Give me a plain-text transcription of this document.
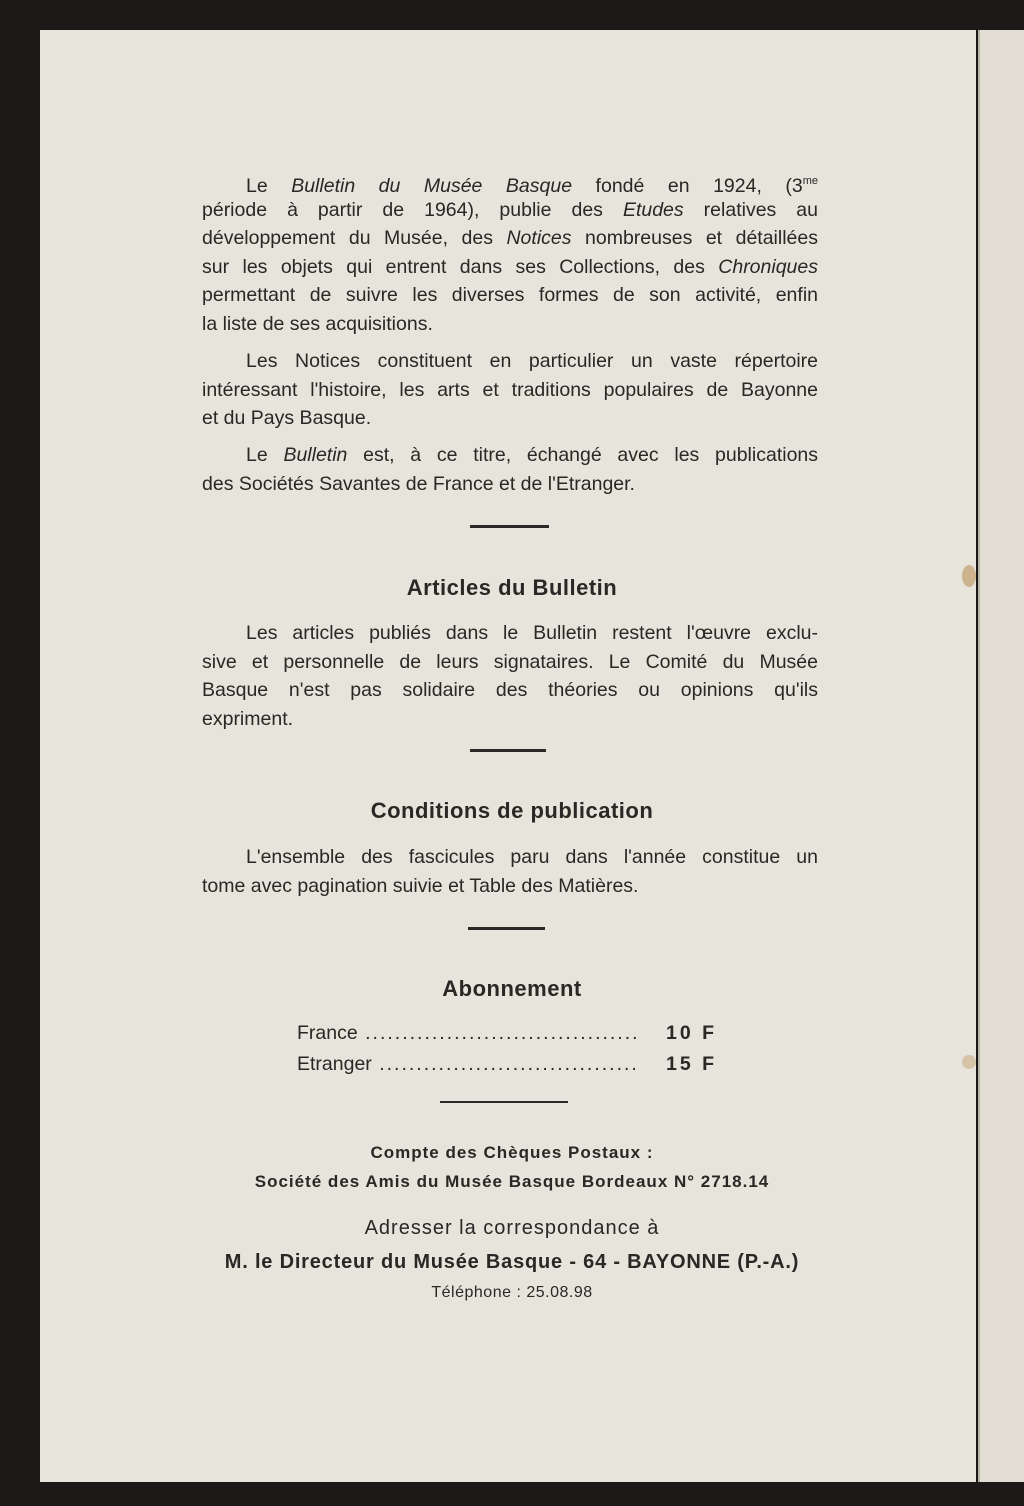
Le Bulletin du Musée Basque fondé en 1924, ($3^{me}$
période à partir de 1964), publie des Etudes relatives au
développement du Musée, des Notices nombreuses et détaillées
sur les objets qui entrent dans ses Collections, des Chroniques
permettant de suivre les diverses formes de son activité, enfin
la liste de ses acquisitions.
Les Notices constituent en particulier un vaste répertoire
intéressant l'histoire, les arts et traditions populaires de Bayonne
et du Pays Basque.
Le Bulletin est, à ce titre, échangé avec les publications
des Sociétés Savantes de France et de l'Etranger.
Articles du Bulletin
Les articles publiés dans le Bulletin restent l'œuvre exclu-
sive et personnelle de leurs signataires. Le Comité du Musée
Basque n'est pas solidaire des théories ou opinions qu'ils
expriment.
Conditions de publication
L'ensemble des fascicules paru dans l'année constitue un
tome avec pagination suivie et Table des Matières.
Abonnement
France .....	10 F
Etranger .....	15 F
Compte des Chèques Postaux :
Société des Amis du Musée Basque Bordeaux N° 2718.14
Adresser la correspondance à
M. le Directeur du Musée Basque - 64 - BAYONNE (P.-A.)
Téléphone : 25.08.98
